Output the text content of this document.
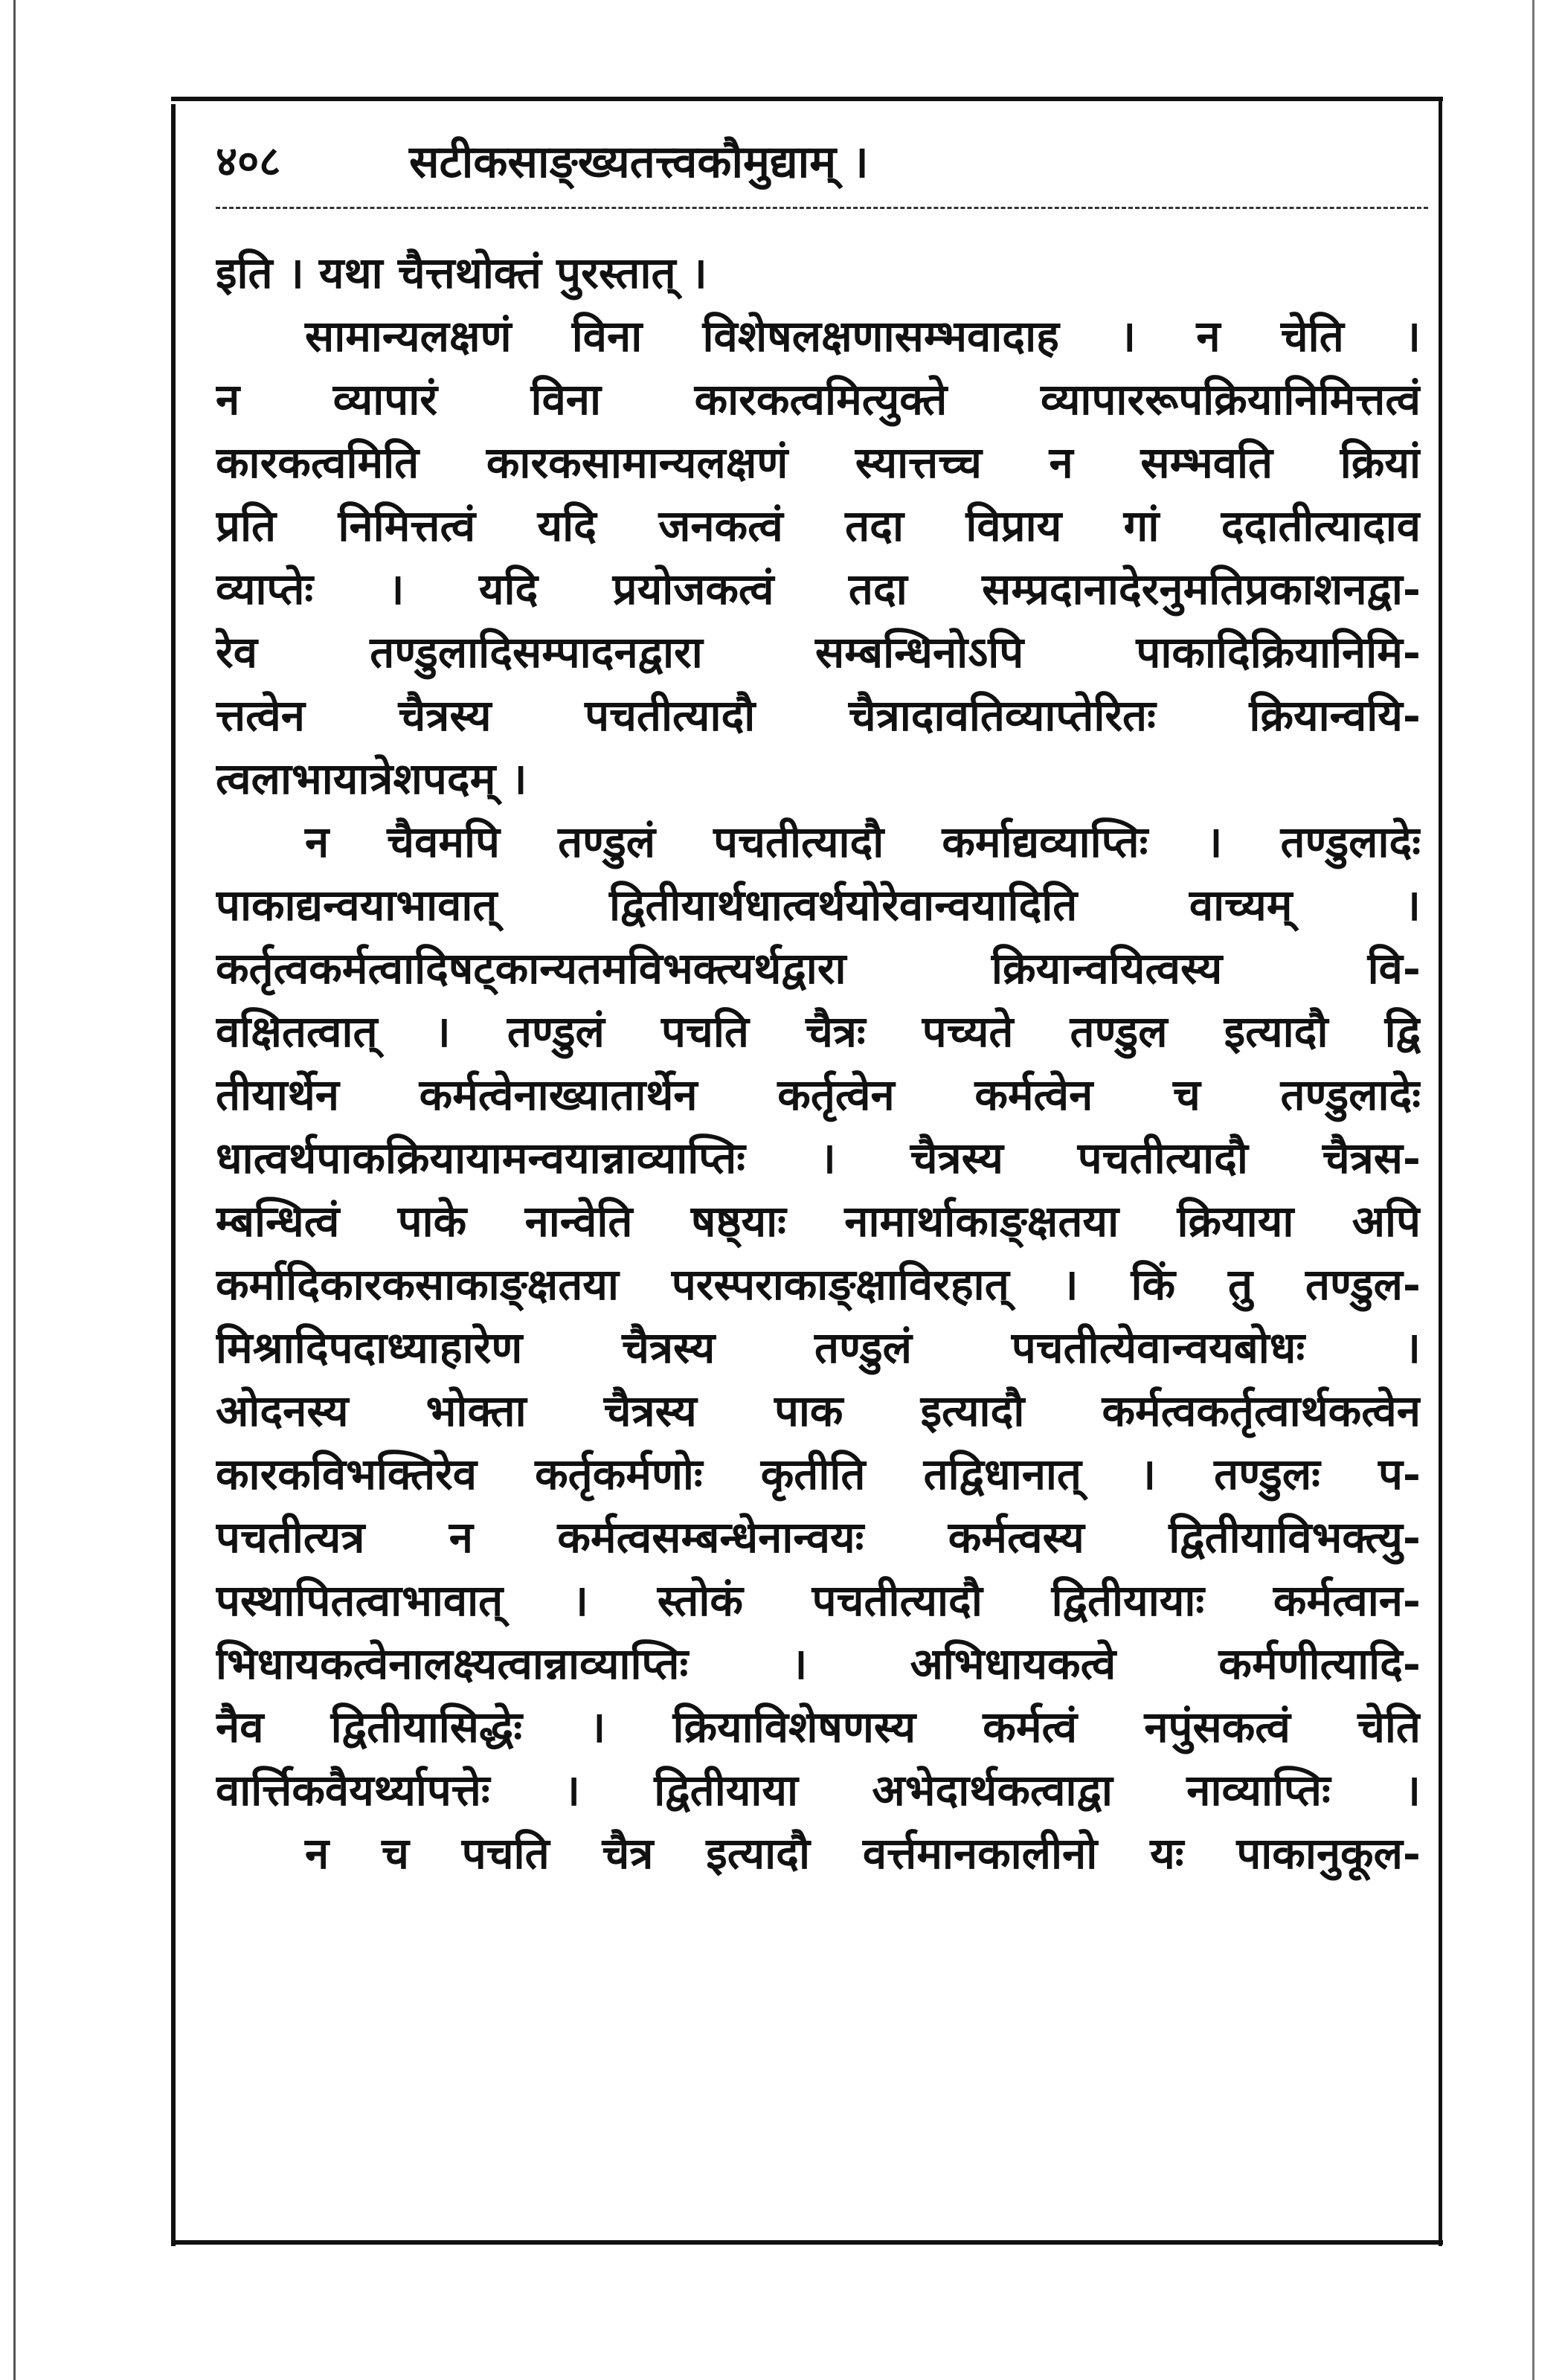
४०८	सटीकसाङ्ख्यतत्त्वकौमुद्याम् ।
इति । यथा चैत्तथोक्तं पुरस्तात् ।
सामान्यलक्षणं विना विशेषलक्षणासम्भवादाह । न चेति ।
न व्यापारं विना कारकत्वमित्युक्ते व्यापाररूपक्रियानिमित्तत्वं
कारकत्वमिति कारकसामान्यलक्षणं स्यात्तच्च न सम्भवति क्रियां
प्रति निमित्तत्वं यदि जनकत्वं तदा विप्राय गां ददातीत्यादाव
व्याप्तेः । यदि प्रयोजकत्वं तदा सम्प्रदानादेरनुमतिप्रकाशनद्वा-
रेव तण्डुलादिसम्पादनद्वारा सम्बन्धिनोऽपि पाकादिक्रियानिमि-
त्तत्वेन चैत्रस्य पचतीत्यादौ चैत्रादावतिव्याप्तेरितः क्रियान्वयि-
त्वलाभायात्रेशपदम् ।
न चैवमपि तण्डुलं पचतीत्यादौ कर्माद्यव्याप्तिः । तण्डुलादेः
पाकाद्यन्वयाभावात् द्वितीयार्थधात्वर्थयोरेवान्वयादिति वाच्यम् ।
कर्तृत्वकर्मत्वादिषट्कान्यतमविभक्त्यर्थद्वारा क्रियान्वयित्वस्य वि-
वक्षितत्वात् । तण्डुलं पचति चैत्रः पच्यते तण्डुल इत्यादौ द्वि
तीयार्थेन कर्मत्वेनाख्यातार्थेन कर्तृत्वेन कर्मत्वेन च तण्डुलादेः
धात्वर्थपाकक्रियायामन्वयान्नाव्याप्तिः । चैत्रस्य पचतीत्यादौ चैत्रस-
म्बन्धित्वं पाके नान्वेति षष्ठ्याः नामार्थाकाङ्क्षतया क्रियाया अपि
कर्मादिकारकसाकाङ्क्षतया परस्पराकाङ्क्षाविरहात् । किं तु तण्डुल-
मिश्रादिपदाध्याहारेण चैत्रस्य तण्डुलं पचतीत्येवान्वयबोधः ।
ओदनस्य भोक्ता चैत्रस्य पाक इत्यादौ कर्मत्वकर्तृत्वार्थकत्वेन
कारकविभक्तिरेव कर्तृकर्मणोः कृतीति तद्विधानात् । तण्डुलः प-
पचतीत्यत्र न कर्मत्वसम्बन्धेनान्वयः कर्मत्वस्य द्वितीयाविभक्त्यु-
पस्थापितत्वाभावात् । स्तोकं पचतीत्यादौ द्वितीयायाः कर्मत्वान-
भिधायकत्वेनालक्ष्यत्वान्नाव्याप्तिः । अभिधायकत्वे कर्मणीत्यादि-
नैव द्वितीयासिद्धेः । क्रियाविशेषणस्य कर्मत्वं नपुंसकत्वं चेति
वार्त्तिकवैयर्थ्यापत्तेः । द्वितीयाया अभेदार्थकत्वाद्वा नाव्याप्तिः ।
न च पचति चैत्र इत्यादौ वर्त्तमानकालीनो यः पाकानुकूल-
